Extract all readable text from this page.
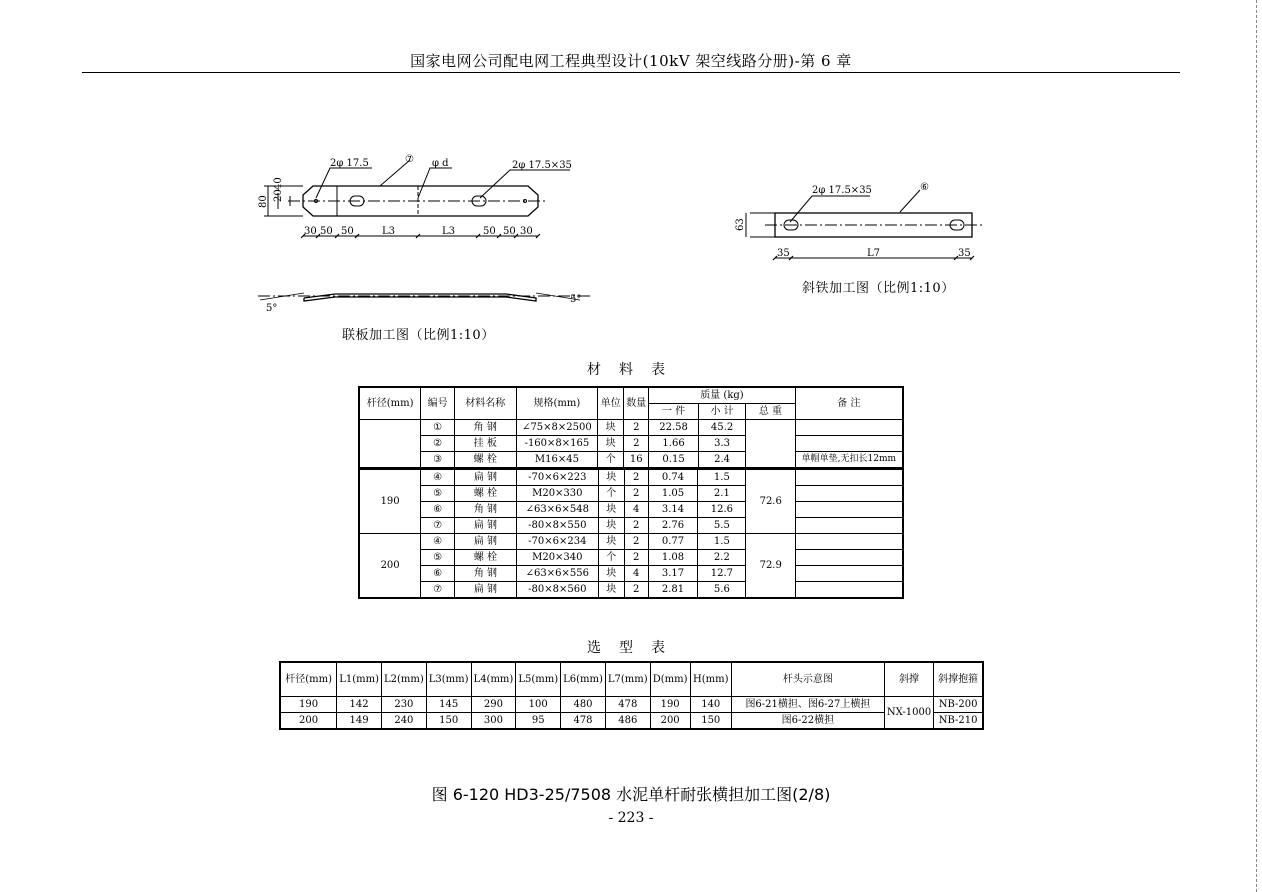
国家电网公司配电网工程典型设计(10kV 架空线路分册)-第 6 章
2φ 17.5	⑦ φ d	2φ 17.5×35
80 20
40
30 50 50	L3	L3	50 50 30
5°
5°
2φ 17.5×35	⑥
63
35	L7	35
联板加工图（比例1:10）
斜铁加工图（比例1:10）
材料表
杆径(mm)	编号	材料名称	规格(mm)	单位	数量	质量 (kg)			备 注
						一 件	小 计	总 重	
	①	角 钢	∠75×8×2500	块	2	22.58	45.2		
	②	挂 板	-160×8×165	块	2	1.66	3.3		
	③	螺 栓	M16×45	个	16	0.15	2.4		单帽单垫,无扣长12mm
190	④	扁 钢	-70×6×223	块	2	0.74	1.5	72.6	
	⑤	螺 栓	M20×330	个	2	1.05	2.1		
	⑥	角 钢	∠63×6×548	块	4	3.14	12.6		
	⑦	扁 钢	-80×8×550	块	2	2.76	5.5		
200	④	扁 钢	-70×6×234	块	2	0.77	1.5	72.9	
	⑤	螺 栓	M20×340	个	2	1.08	2.2		
	⑥	角 钢	∠63×6×556	块	4	3.17	12.7		
	⑦	扁 钢	-80×8×560	块	2	2.81	5.6		
选型表
杆径(mm)	L1(mm)	L2(mm)	L3(mm)	L4(mm)	L5(mm)	L6(mm)	L7(mm)	D(mm)	H(mm)	杆头示意图	斜撑	斜撑抱箍
190	142	230	145	290	100	480	478	190	140	图6-21横担、图6-27上横担	NX-1000	NB-200
200	149	240	150	300	95	478	486	200	150	图6-22横担		NB-210
图 6-120 HD3-25/7508 水泥单杆耐张横担加工图(2/8)
- 223 -
